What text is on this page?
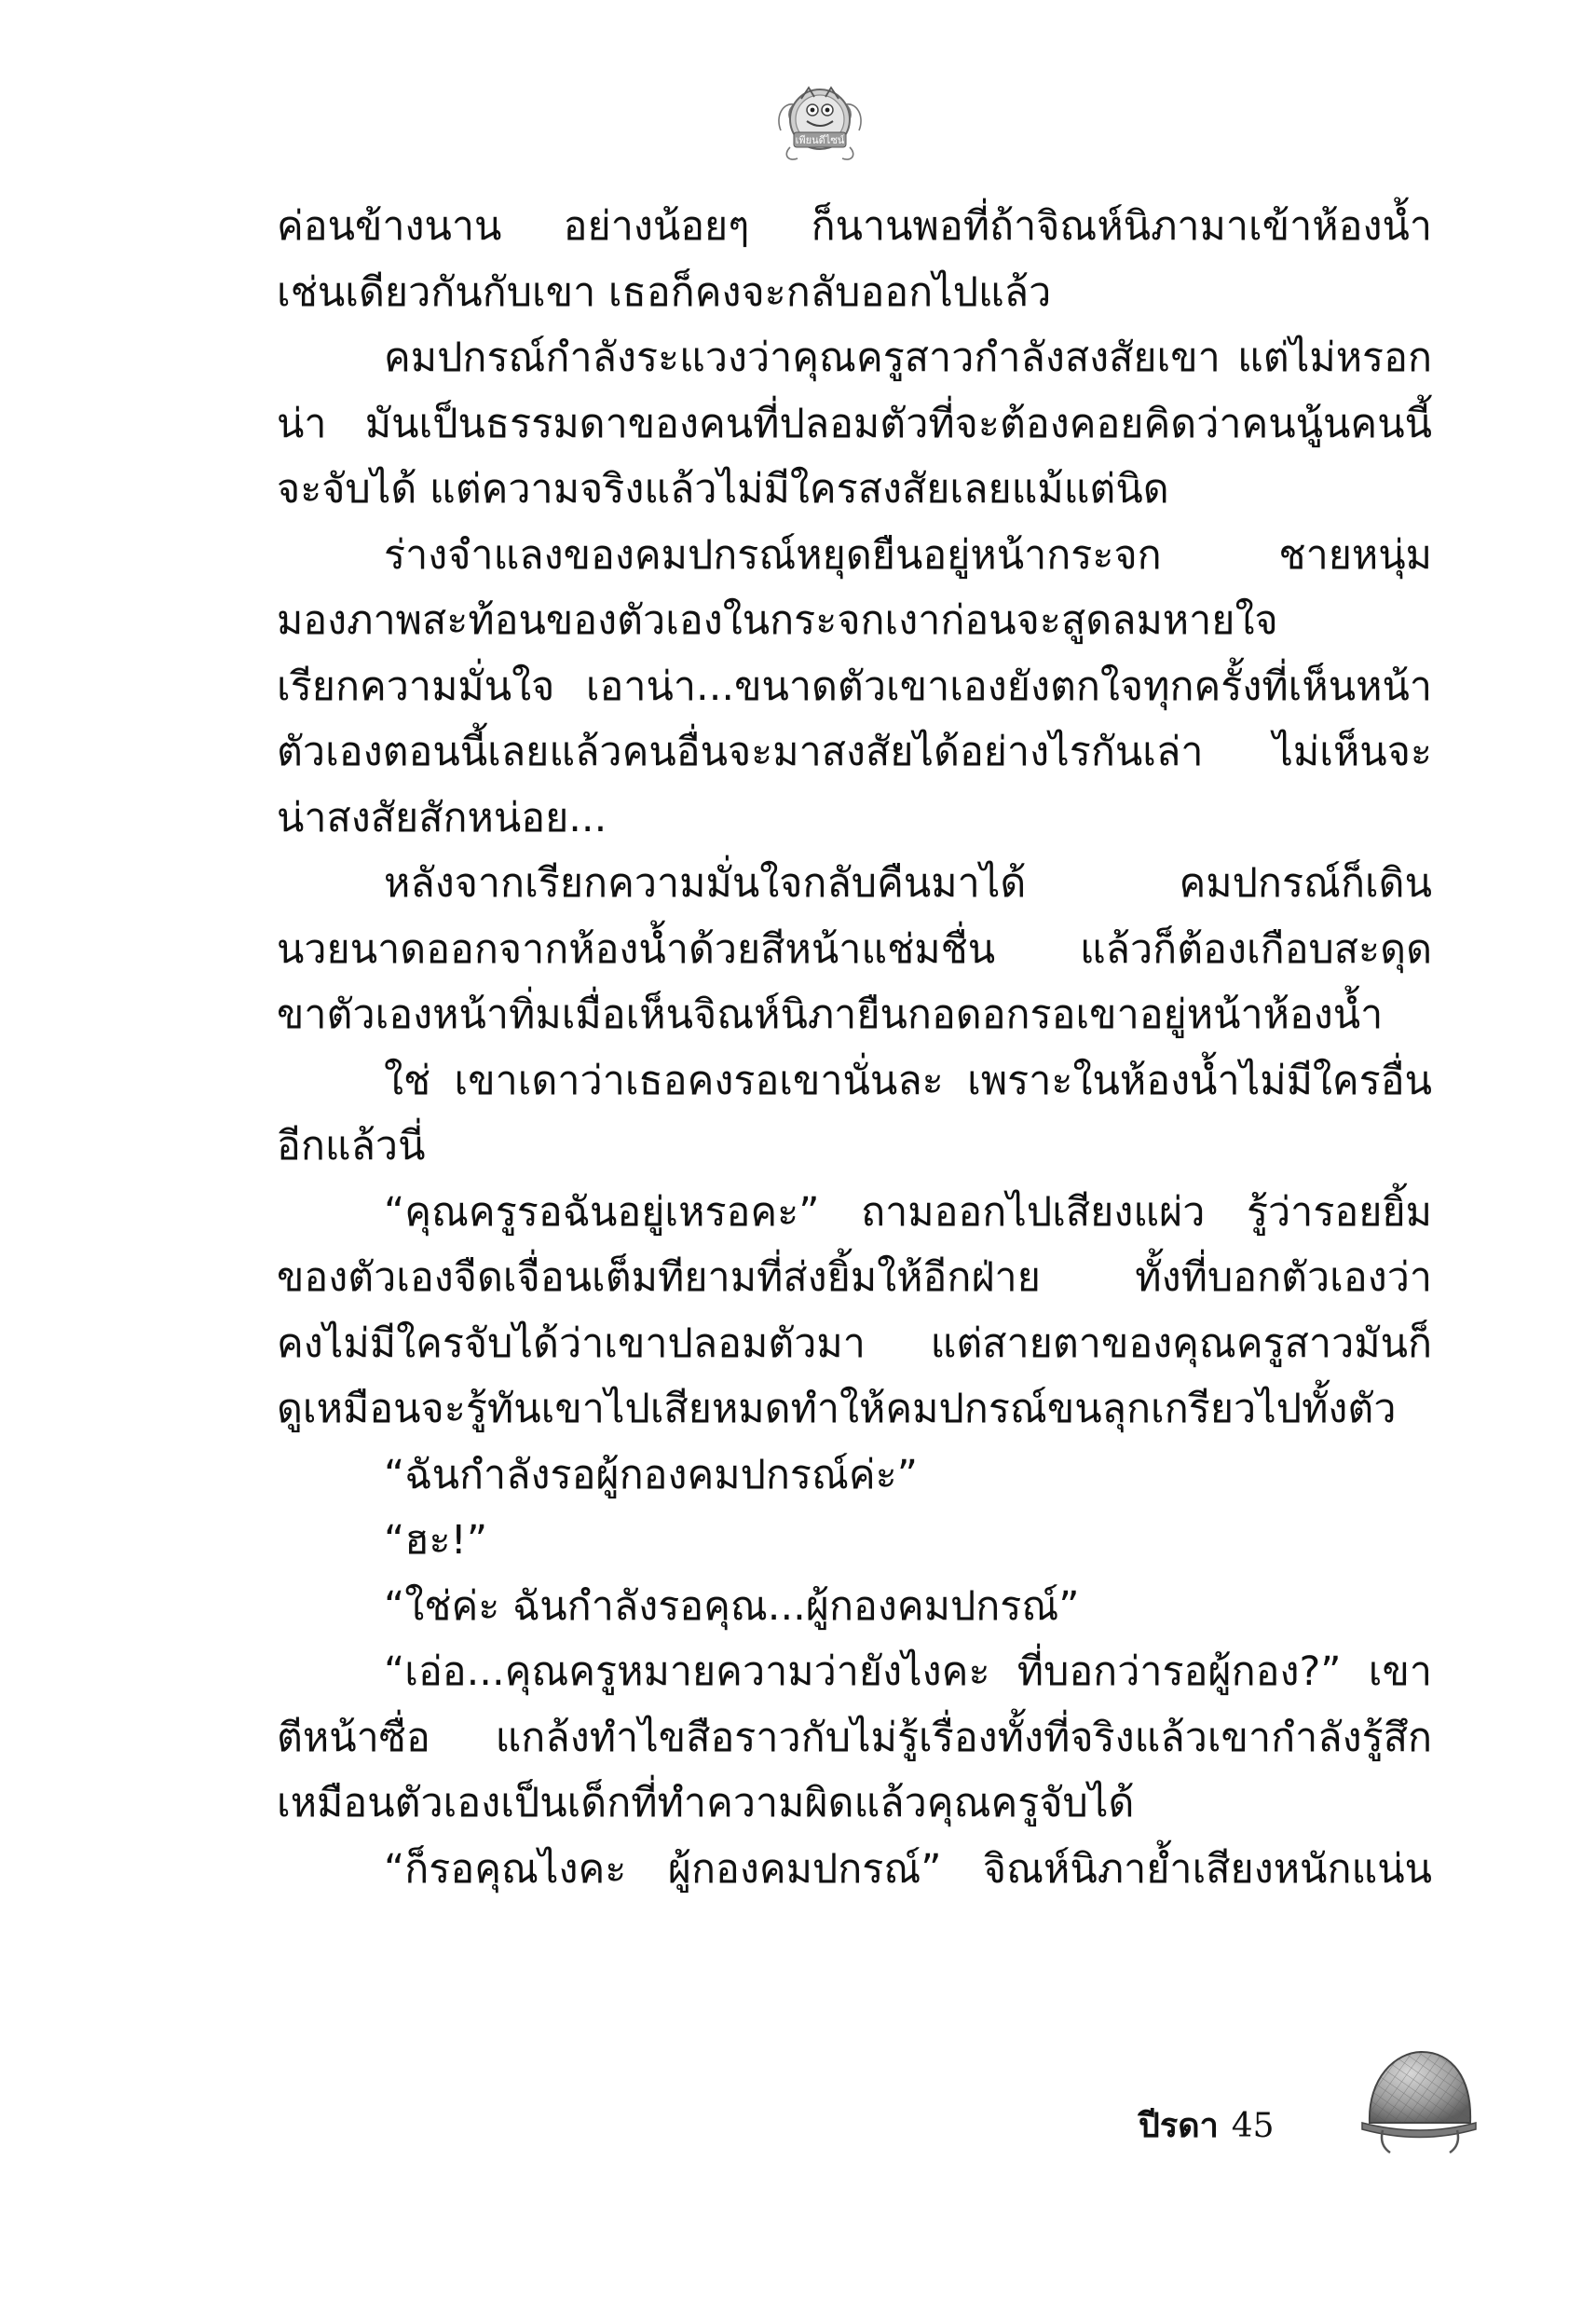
เพียนดีไซน์
ค่อนข้างนาน อย่างน้อยๆ ก็นานพอที่ถ้าจิณห์นิภามาเข้าห้องน้ำ
เช่นเดียวกันกับเขา เธอก็คงจะกลับออกไปแล้ว
คมปกรณ์กำลังระแวงว่าคุณครูสาวกำลังสงสัยเขา แต่ไม่หรอก
น่า มันเป็นธรรมดาของคนที่ปลอมตัวที่จะต้องคอยคิดว่าคนนู้นคนนี้
จะจับได้ แต่ความจริงแล้วไม่มีใครสงสัยเลยแม้แต่นิด
ร่างจำแลงของคมปกรณ์หยุดยืนอยู่หน้ากระจก ชายหนุ่ม
มองภาพสะท้อนของตัวเองในกระจกเงาก่อนจะสูดลมหายใจ
เรียกความมั่นใจ เอาน่า...ขนาดตัวเขาเองยังตกใจทุกครั้งที่เห็นหน้า
ตัวเองตอนนี้เลยแล้วคนอื่นจะมาสงสัยได้อย่างไรกันเล่า ไม่เห็นจะ
น่าสงสัยสักหน่อย...
หลังจากเรียกความมั่นใจกลับคืนมาได้ คมปกรณ์ก็เดิน
นวยนาดออกจากห้องน้ำด้วยสีหน้าแช่มชื่น แล้วก็ต้องเกือบสะดุด
ขาตัวเองหน้าทิ่มเมื่อเห็นจิณห์นิภายืนกอดอกรอเขาอยู่หน้าห้องน้ำ
ใช่ เขาเดาว่าเธอคงรอเขานั่นละ เพราะในห้องน้ำไม่มีใครอื่น
อีกแล้วนี่
“คุณครูรอฉันอยู่เหรอคะ” ถามออกไปเสียงแผ่ว รู้ว่ารอยยิ้ม
ของตัวเองจืดเจื่อนเต็มทียามที่ส่งยิ้มให้อีกฝ่าย ทั้งที่บอกตัวเองว่า
คงไม่มีใครจับได้ว่าเขาปลอมตัวมา แต่สายตาของคุณครูสาวมันก็
ดูเหมือนจะรู้ทันเขาไปเสียหมดทำให้คมปกรณ์ขนลุกเกรียวไปทั้งตัว
“ฉันกำลังรอผู้กองคมปกรณ์ค่ะ”
“ฮะ!”
“ใช่ค่ะ ฉันกำลังรอคุณ...ผู้กองคมปกรณ์”
“เอ่อ...คุณครูหมายความว่ายังไงคะ ที่บอกว่ารอผู้กอง?” เขา
ตีหน้าซื่อ แกล้งทำไขสือราวกับไม่รู้เรื่องทั้งที่จริงแล้วเขากำลังรู้สึก
เหมือนตัวเองเป็นเด็กที่ทำความผิดแล้วคุณครูจับได้
“ก็รอคุณไงคะ ผู้กองคมปกรณ์” จิณห์นิภาย้ำเสียงหนักแน่น
ปีรดา 45
